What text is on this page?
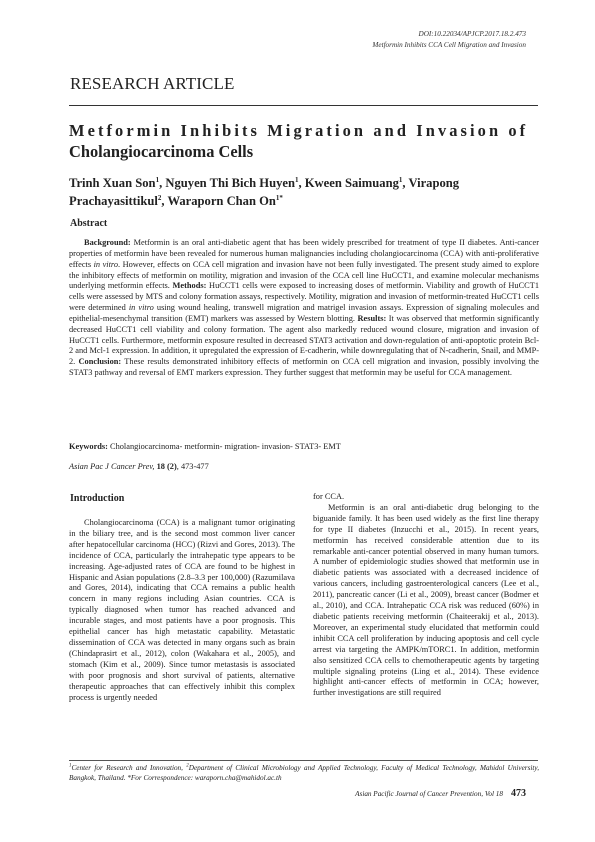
DOI:10.22034/APJCP.2017.18.2.473
Metformin Inhibits CCA Cell Migration and Invasion
RESEARCH ARTICLE
Metformin Inhibits Migration and Invasion of
Cholangiocarcinoma Cells
Trinh Xuan Son$^1$, Nguyen Thi Bich Huyen$^1$, Kween Saimuang$^1$, Virapong Prachayasittikul$^2$, Waraporn Chan $On^{1*}$
Abstract

Background: Metformin is an oral anti-diabetic agent that has been widely prescribed for treatment of type II diabetes. Anti-cancer properties of metformin have been revealed for numerous human malignancies including cholangiocarcinoma (CCA) with anti-proliferative effects in vitro. However, effects on CCA cell migration and invasion have not been fully investigated. The present study aimed to explore the inhibitory effects of metformin on motility, migration and invasion of the CCA cell line HuCCT1, and examine molecular mechanisms underlying metformin effects. Methods: HuCCT1 cells were exposed to increasing doses of metformin. Viability and growth of HuCCT1 cells were assessed by MTS and colony formation assays, respectively. Motility, migration and invasion of metformin-treated HuCCT1 cells were determined in vitro using wound healing, transwell migration and matrigel invasion assays. Expression of signaling molecules and epithelial-mesenchymal transition (EMT) markers was assessed by Western blotting. Results: It was observed that metformin significantly decreased HuCCT1 cell viability and colony formation. The agent also markedly reduced wound closure, migration and invasion of HuCCT1 cells. Furthermore, metformin exposure resulted in decreased STAT3 activation and down-regulation of anti-apoptotic protein Bcl-2 and Mcl-1 expression. In addition, it upregulated the expression of E-cadherin, while downregulating that of N-cadherin, Snail, and MMP-2. Conclusion: These results demonstrated inhibitory effects of metformin on CCA cell migration and invasion, possibly involving the STAT3 pathway and reversal of EMT markers expression. They further suggest that metformin may be useful for CCA management.

Keywords: Cholangiocarcinoma- metformin- migration- invasion- STAT3- EMT
Asian Pac J Cancer Prev, 18 (2), 473-477
Introduction

Cholangiocarcinoma (CCA) is a malignant tumor originating in the biliary tree, and is the second most common liver cancer after hepatocellular carcinoma (HCC) (Rizvi and Gores, 2013). The incidence of CCA, particularly the intrahepatic type appears to be increasing. Age-adjusted rates of CCA are found to be highest in Hispanic and Asian populations (2.8–3.3 per 100,000) (Razumilava and Gores, 2014), indicating that CCA remains a public health concern in many regions including Asian countries. CCA is typically diagnosed when tumor has reached advanced and incurable stages, and most patients have a poor prognosis. This epithelial cancer has high metastatic capability. Metastatic dissemination of CCA was detected in many organs such as brain (Chindaprasirt et al., 2012), colon (Wakahara et al., 2005), and stomach (Kim et al., 2009). Since tumor metastasis is associated with poor prognosis and short survival of patients, alternative therapeutic approaches that can effectively inhibit this complex process is urgently needed

for CCA.

Metformin is an oral anti-diabetic drug belonging to the biguanide family. It has been used widely as the first line therapy for type II diabetes (Inzucchi et al., 2015). In recent years, metformin has received considerable attention due to its remarkable anti-cancer potential observed in many human tumors. A number of epidemiologic studies showed that metformin use in diabetic patients was associated with a decreased incidence of various cancers, including gastroenterological cancers (Lee et al., 2011), pancreatic cancer (Li et al., 2009), breast cancer (Bodmer et al., 2010), and CCA. Intrahepatic CCA risk was reduced (60%) in diabetic patients receiving metformin (Chaiteerakij et al., 2013). Moreover, an experimental study elucidated that metformin could inhibit CCA cell proliferation by inducing apoptosis and cell cycle arrest via targeting the AMPK/mTORC1. In addition, metformin also sensitized CCA cells to chemotherapeutic agents by targeting multiple signaling proteins (Ling et al., 2014). These evidence highlight anti-cancer effects of metformin in CCA; however, further investigations are still required

$^1$Center for Research and Innovation, $^2$Department of Clinical Microbiology and Applied Technology, Faculty of Medical Technology, Mahidol University, Bangkok, Thailand. *For Correspondence: waraporn.cha@mahidol.ac.th
Asian Pacific Journal of Cancer Prevention, Vol 18 473
